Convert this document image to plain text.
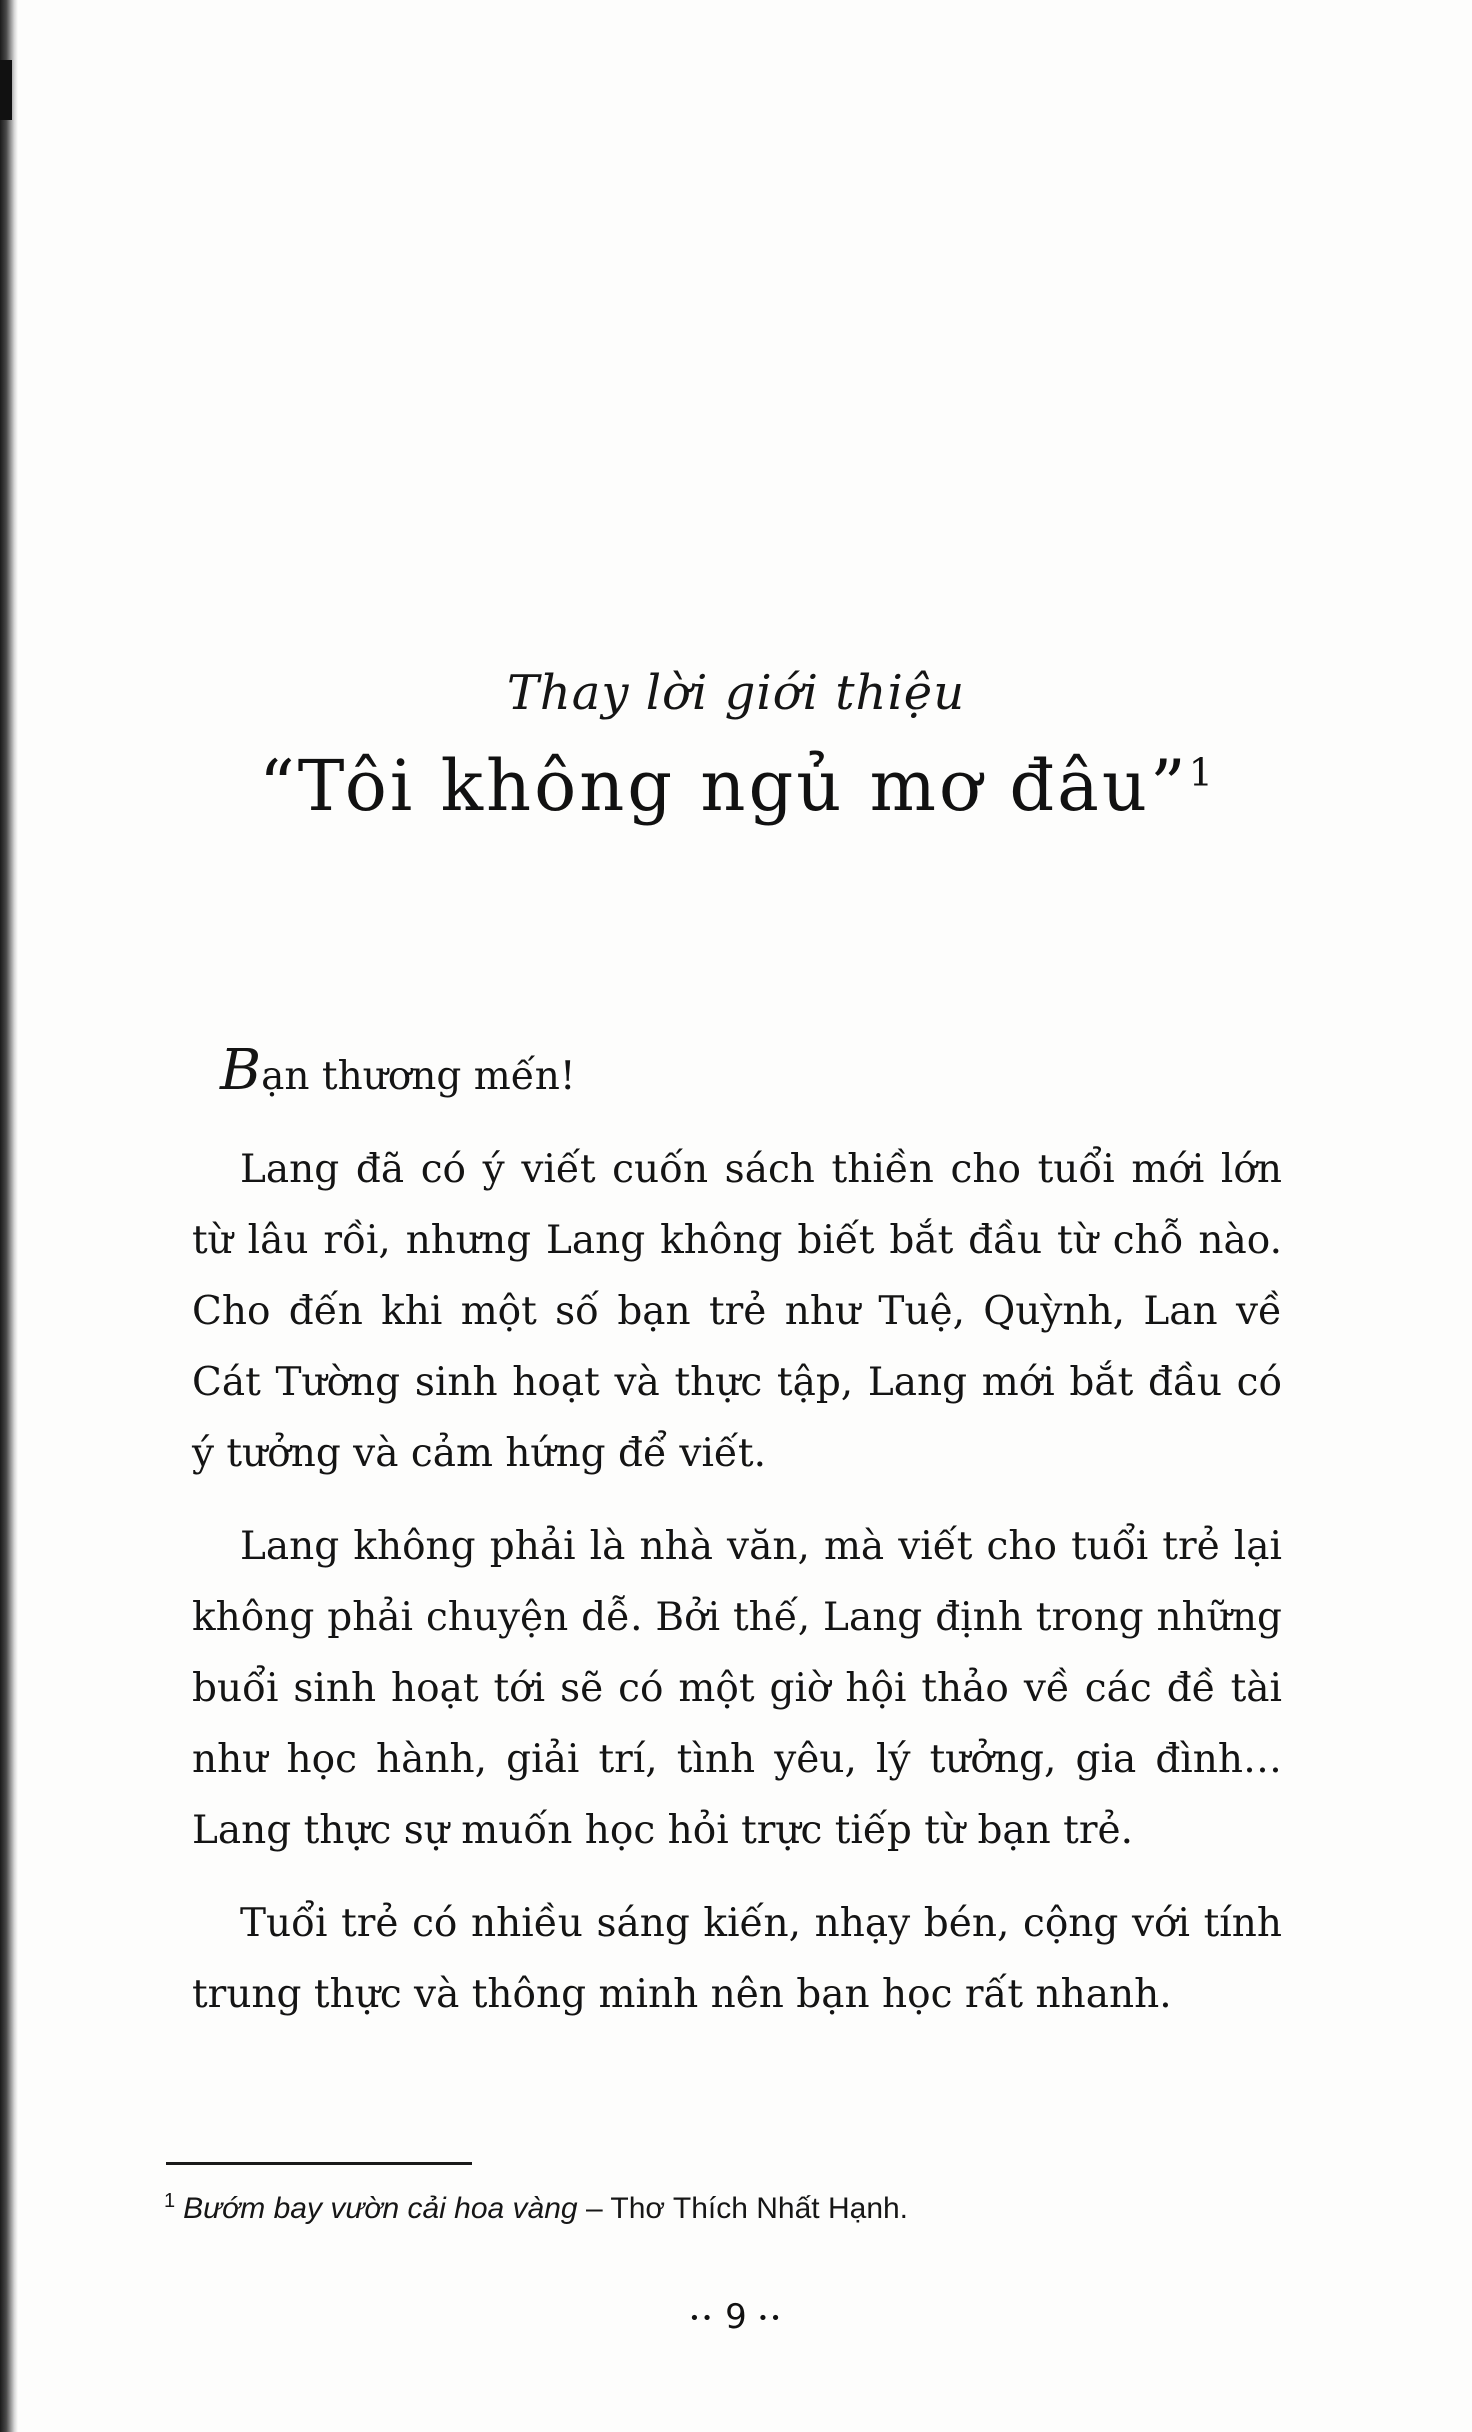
Thay lời giới thiệu
“Tôi không ngủ mơ đâu”$^1$

Bạn thương mến!

Lang đã có ý viết cuốn sách thiền cho tuổi mới lớn từ lâu rồi, nhưng Lang không biết bắt đầu từ chỗ nào. Cho đến khi một số bạn trẻ như Tuệ, Quỳnh, Lan về Cát Tường sinh hoạt và thực tập, Lang mới bắt đầu có ý tưởng và cảm hứng để viết.

Lang không phải là nhà văn, mà viết cho tuổi trẻ lại không phải chuyện dễ. Bởi thế, Lang định trong những buổi sinh hoạt tới sẽ có một giờ hội thảo về các đề tài như học hành, giải trí, tình yêu, lý tưởng, gia đình… Lang thực sự muốn học hỏi trực tiếp từ bạn trẻ.

Tuổi trẻ có nhiều sáng kiến, nhạy bén, cộng với tính trung thực và thông minh nên bạn học rất nhanh.

$^1$ Bướm bay vườn cải hoa vàng – Thơ Thích Nhất Hạnh.
•• 9 ••
